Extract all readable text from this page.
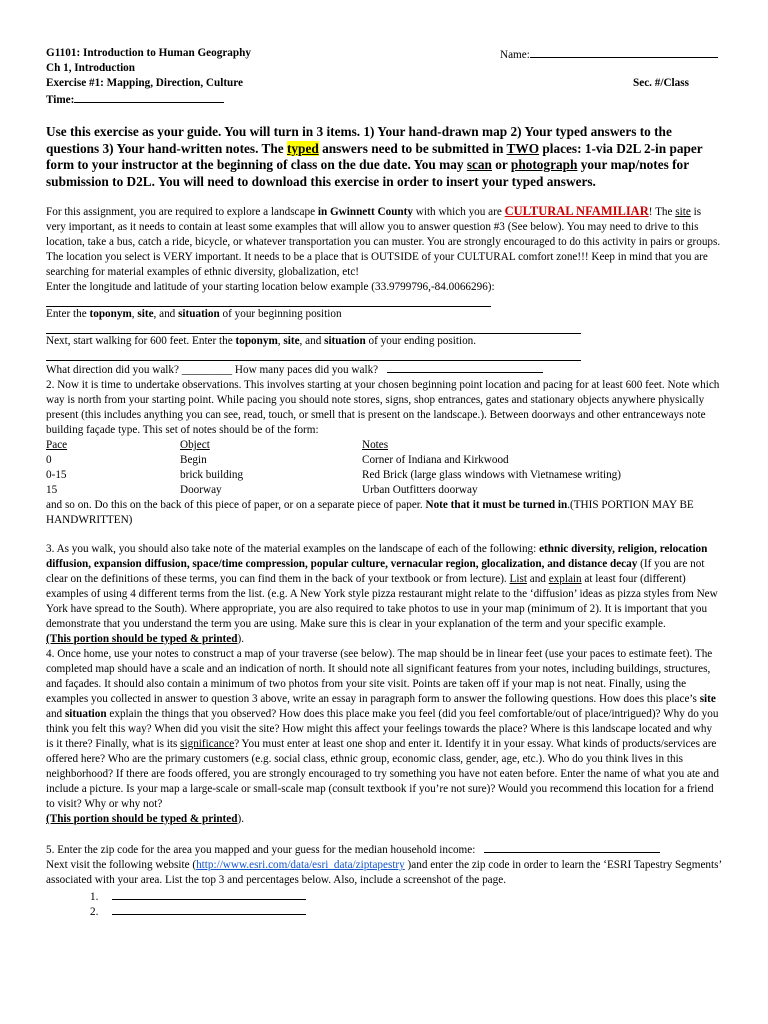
G1101: Introduction to Human Geography	Name:
Ch 1, Introduction
Exercise #1: Mapping, Direction, Culture	Sec. #/Class
Time:
Use this exercise as your guide. You will turn in 3 items. 1) Your hand-drawn map 2) Your typed answers to the questions 3) Your hand-written notes. The typed answers need to be submitted in TWO places: 1-via D2L 2-in paper form to your instructor at the beginning of class on the due date. You may scan or photograph your map/notes for submission to D2L. You will need to download this exercise in order to insert your typed answers.
For this assignment, you are required to explore a landscape in Gwinnett County with which you are CULTURAL NFAMILIAR! The site is very important, as it needs to contain at least some examples that will allow you to answer question #3 (See below). You may need to drive to this location, take a bus, catch a ride, bicycle, or whatever transportation you can muster. You are strongly encouraged to do this activity in pairs or groups. The location you select is VERY important. It needs to be a place that is OUTSIDE of your CULTURAL comfort zone!!! Keep in mind that you are searching for material examples of ethnic diversity, globalization, etc!
Enter the longitude and latitude of your starting location below example (33.9799796,-84.0066296):
Enter the toponym, site, and situation of your beginning position
Next, start walking for 600 feet. Enter the toponym, site, and situation of your ending position.
What direction did you walk? _________ How many paces did you walk?
2. Now it is time to undertake observations. This involves starting at your chosen beginning point location and pacing for at least 600 feet. Note which way is north from your starting point. While pacing you should note stores, signs, shop entrances, gates and stationary objects anywhere physically present (this includes anything you can see, read, touch, or smell that is present on the landscape.). Between doorways and other entranceways note building façade type. This set of notes should be of the form:
Pace	Object	Notes
0	Begin	Corner of Indiana and Kirkwood
0-15	brick building	Red Brick (large glass windows with Vietnamese writing)
15	Doorway	Urban Outfitters doorway
and so on. Do this on the back of this piece of paper, or on a separate piece of paper. Note that it must be turned in.(THIS PORTION MAY BE HANDWRITTEN)
3. As you walk, you should also take note of the material examples on the landscape of each of the following: ethnic diversity, religion, relocation diffusion, expansion diffusion, space/time compression, popular culture, vernacular region, glocalization, and distance decay (If you are not clear on the definitions of these terms, you can find them in the back of your textbook or from lecture). List and explain at least four (different) examples of using 4 different terms from the list. (e.g. A New York style pizza restaurant might relate to the ‘diffusion’ ideas as pizza styles from New York have spread to the South). Where appropriate, you are also required to take photos to use in your map (minimum of 2). It is important that you demonstrate that you understand the term you are using. Make sure this is clear in your explanation of the term and your specific example.
(This portion should be typed & printed).
4. Once home, use your notes to construct a map of your traverse (see below). The map should be in linear feet (use your paces to estimate feet). The completed map should have a scale and an indication of north. It should note all significant features from your notes, including buildings, structures, and façades. It should also contain a minimum of two photos from your site visit. Points are taken off if your map is not neat. Finally, using the examples you collected in answer to question 3 above, write an essay in paragraph form to answer the following questions. How does this place’s site and situation explain the things that you observed? How does this place make you feel (did you feel comfortable/out of place/intrigued)? Why do you think you felt this way? When did you visit the site? How might this affect your feelings towards the place? Where is this landscape located and why is it there? Finally, what is its significance? You must enter at least one shop and enter it. Identify it in your essay. What kinds of products/services are offered here? Who are the primary customers (e.g. social class, ethnic group, economic class, gender, age, etc.). Who do you think lives in this neighborhood? If there are foods offered, you are strongly encouraged to try something you have not eaten before. Enter the name of what you ate and include a picture. Is your map a large-scale or small-scale map (consult textbook if you’re not sure)? Would you recommend this location for a friend to visit? Why or why not?
(This portion should be typed & printed).
5. Enter the zip code for the area you mapped and your guess for the median household income:
Next visit the following website (http://www.esri.com/data/esri_data/ziptapestry )and enter the zip code in order to learn the ‘ESRI Tapestry Segments’ associated with your area. List the top 3 and percentages below. Also, include a screenshot of the page.
1.
2.
